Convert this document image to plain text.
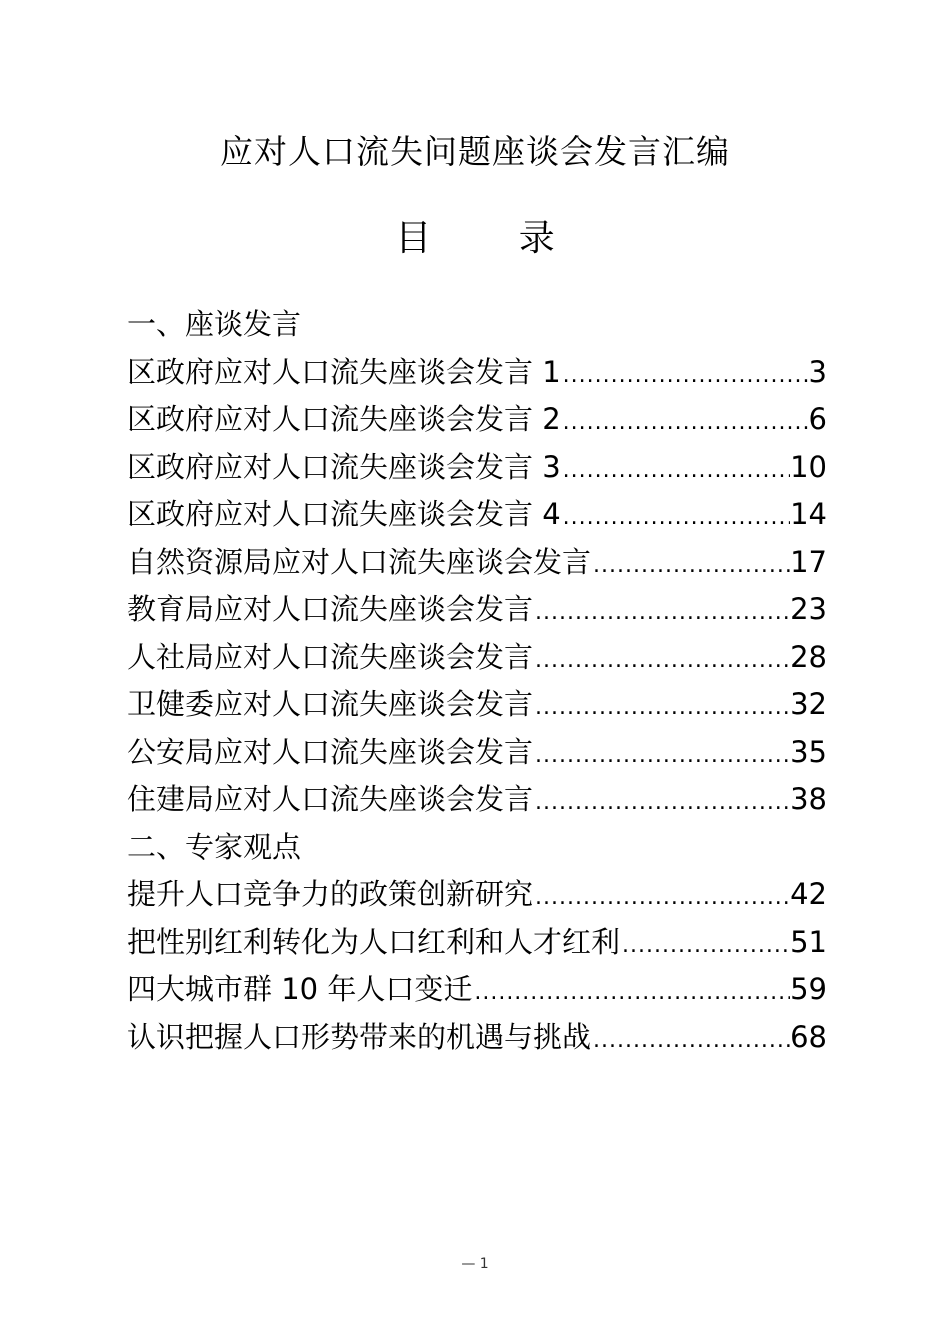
应对人口流失问题座谈会发言汇编
目 录
一、座谈发言
区政府应对人口流失座谈会发言 1 .....	3
区政府应对人口流失座谈会发言 2 .....	6
区政府应对人口流失座谈会发言 3 .....	10
区政府应对人口流失座谈会发言 4 .....	14
自然资源局应对人口流失座谈会发言 .....	17
教育局应对人口流失座谈会发言 .....	23
人社局应对人口流失座谈会发言 .....	28
卫健委应对人口流失座谈会发言 .....	32
公安局应对人口流失座谈会发言 .....	35
住建局应对人口流失座谈会发言 .....	38
二、专家观点
提升人口竞争力的政策创新研究 .....	42
把性别红利转化为人口红利和人才红利 .....	51
四大城市群 10 年人口变迁 .....	59
认识把握人口形势带来的机遇与挑战 .....	68
— 1
